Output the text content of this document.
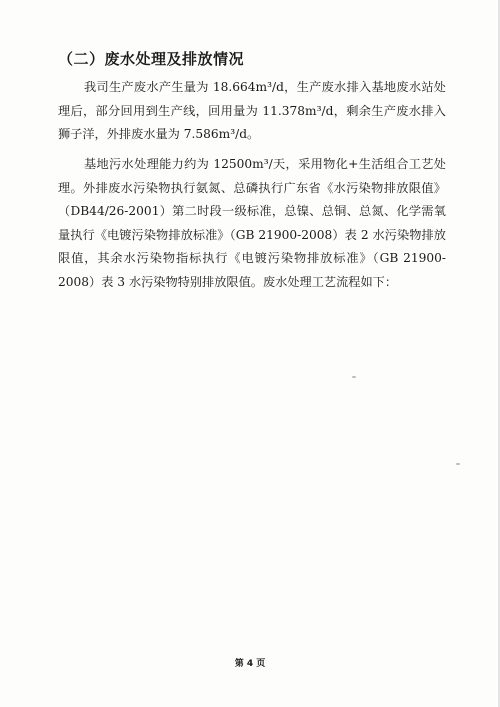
（二）废水处理及排放情况

我司生产废水产生量为 18.664m³/d，生产废水排入基地废水站处理后，部分回用到生产线，回用量为 11.378m³/d，剩余生产废水排入狮子洋，外排废水量为 7.586m³/d。

基地污水处理能力约为 12500m³/天，采用物化+生活组合工艺处理。外排废水污染物执行氨氮、总磷执行广东省《水污染物排放限值》（DB44/26-2001）第二时段一级标准，总镍、总铜、总氮、化学需氧量执行《电镀污染物排放标准》（GB 21900-2008）表 2 水污染物排放限值，其余水污染物指标执行《电镀污染物排放标准》（GB 21900-2008）表 3 水污染物特别排放限值。废水处理工艺流程如下：

第 4 页
